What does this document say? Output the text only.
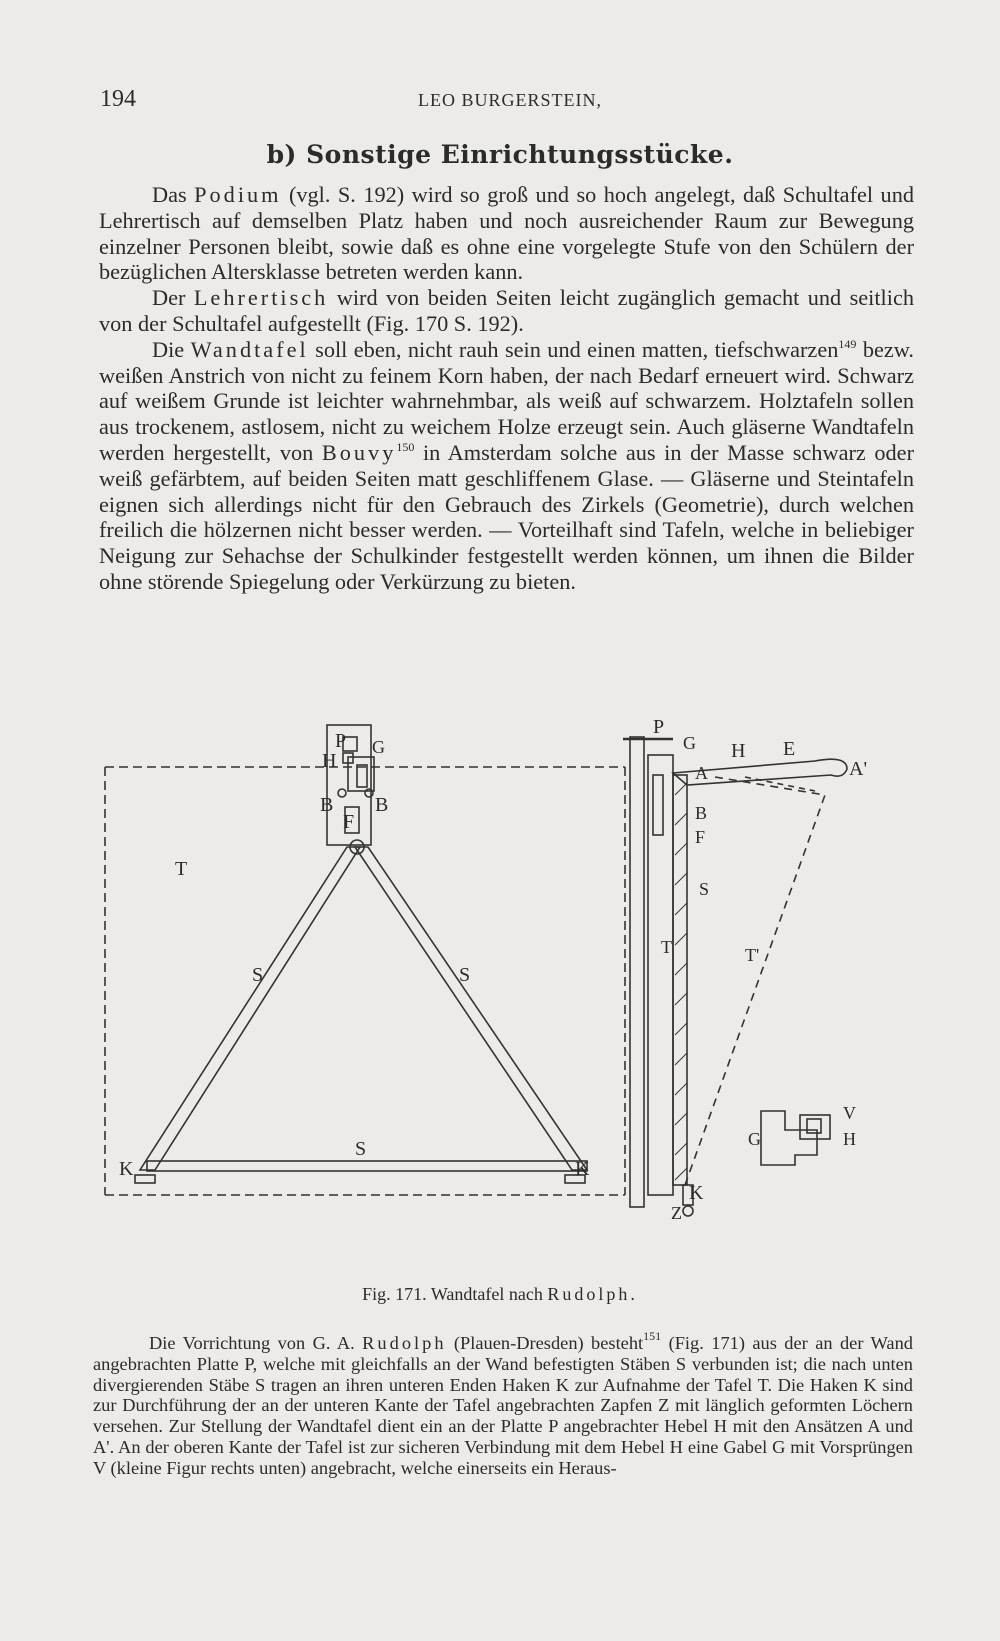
194	LEO BURGERSTEIN,
b) Sonstige Einrichtungsstücke.

Das Podium (vgl. S. 192) wird so groß und so hoch angelegt, daß Schultafel und Lehrertisch auf demselben Platz haben und noch ausreichender Raum zur Bewegung einzelner Personen bleibt, sowie daß es ohne eine vorgelegte Stufe von den Schülern der bezüglichen Altersklasse betreten werden kann.

Der Lehrertisch wird von beiden Seiten leicht zugänglich gemacht und seitlich von der Schultafel aufgestellt (Fig. 170 S. 192).

Die Wandtafel soll eben, nicht rauh sein und einen matten, tiefschwarzen$^{149}$ bezw. weißen Anstrich von nicht zu feinem Korn haben, der nach Bedarf erneuert wird. Schwarz auf weißem Grunde ist leichter wahrnehmbar, als weiß auf schwarzem. Holztafeln sollen aus trockenem, astlosem, nicht zu weichem Holze erzeugt sein. Auch gläserne Wandtafeln werden hergestellt, von Bouvy$^{150}$ in Amsterdam solche aus in der Masse schwarz oder weiß gefärbtem, auf beiden Seiten matt geschliffenem Glase. — Gläserne und Steintafeln eignen sich allerdings nicht für den Gebrauch des Zirkels (Geometrie), durch welchen freilich die hölzernen nicht besser werden. — Vorteilhaft sind Tafeln, welche in beliebiger Neigung zur Sehachse der Schulkinder festgestellt werden können, um ihnen die Bilder ohne störende Spiegelung oder Verkürzung zu bieten.

P G
H
B B
F
T
S	S
S
K	K
P
G H E
A'
A
B
F
S
T	T'
K
Z
V
G	H
Fig. 171. Wandtafel nach Rudolph.

Die Vorrichtung von G. A. Rudolph (Plauen-Dresden) besteht$^{151}$ (Fig. 171) aus der an der Wand angebrachten Platte P, welche mit gleichfalls an der Wand befestigten Stäben S verbunden ist; die nach unten divergierenden Stäbe S tragen an ihren unteren Enden Haken K zur Aufnahme der Tafel T. Die Haken K sind zur Durchführung der an der unteren Kante der Tafel angebrachten Zapfen Z mit länglich geformten Löchern versehen. Zur Stellung der Wandtafel dient ein an der Platte P angebrachter Hebel H mit den Ansätzen A und A'. An der oberen Kante der Tafel ist zur sicheren Verbindung mit dem Hebel H eine Gabel G mit Vorsprüngen V (kleine Figur rechts unten) angebracht, welche einerseits ein Heraus-
